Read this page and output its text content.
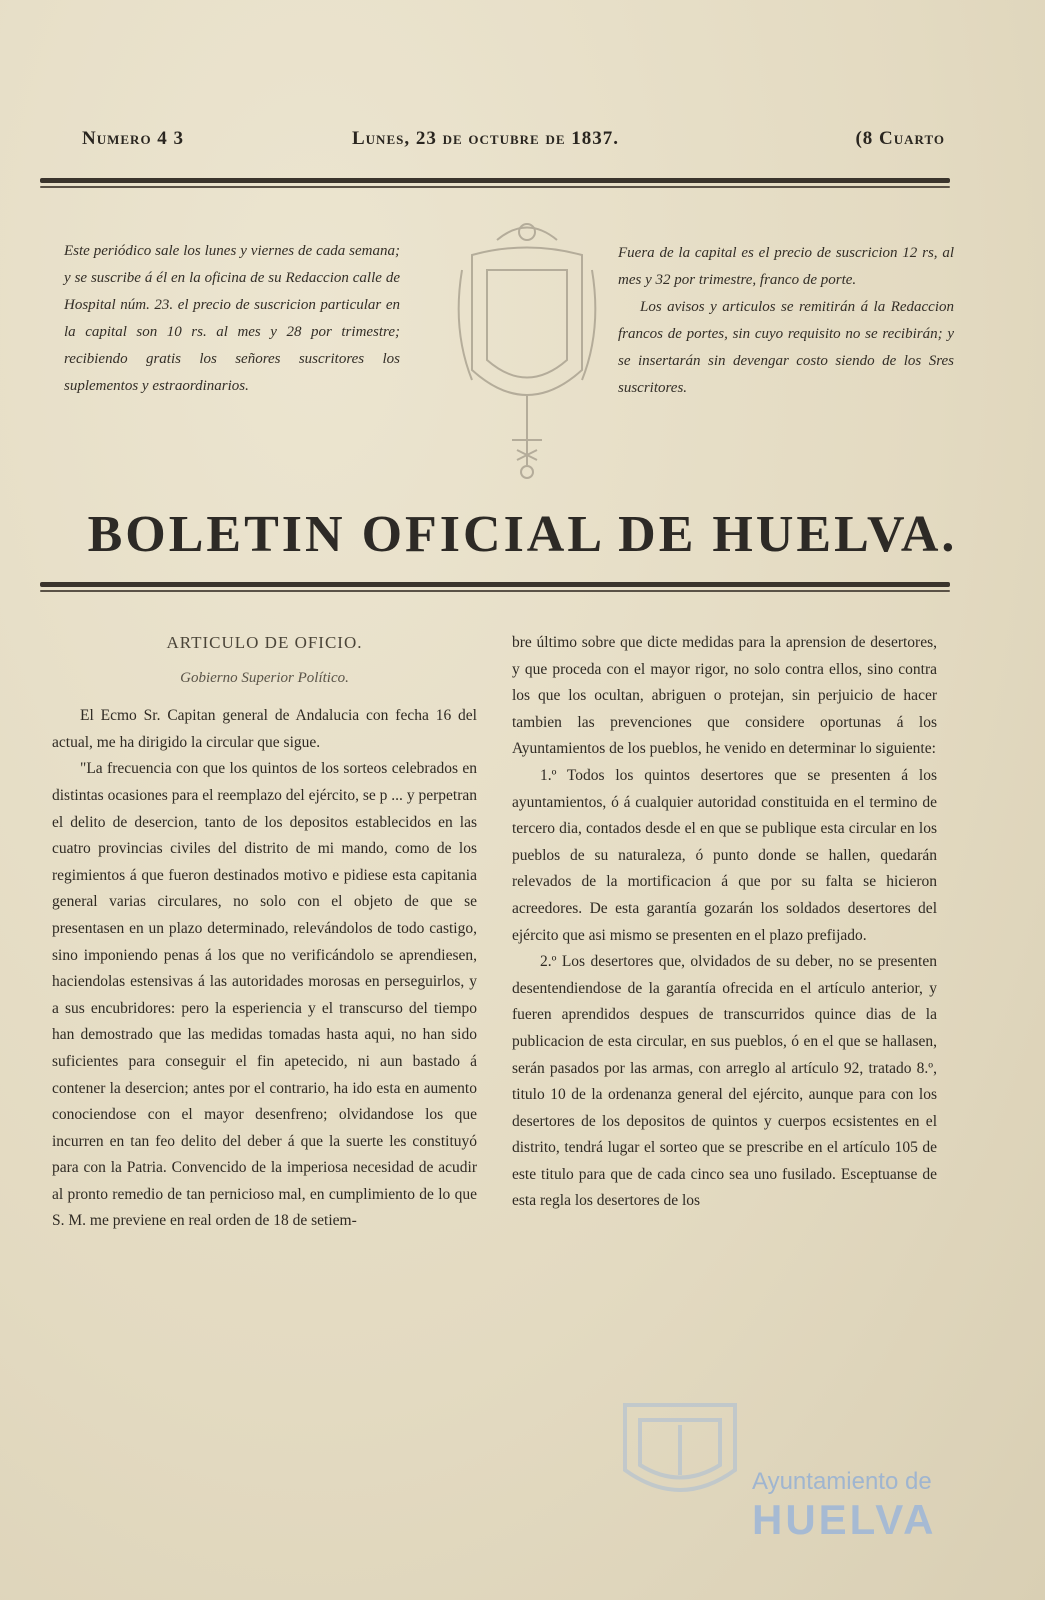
Numero 4 3	Lunes, 23 de octubre de 1837.	(8 Cuarto
Este periódico sale los lunes y viernes de cada semana; y se suscribe á él en la oficina de su Redaccion calle de Hospital núm. 23. el precio de suscricion particular en la capital son 10 rs. al mes y 28 por trimestre; recibiendo gratis los señores suscritores los suplementos y estraordinarios.

Fuera de la capital es el precio de suscricion 12 rs, al mes y 32 por trimestre, franco de porte.

Los avisos y articulos se remitirán á la Redaccion francos de portes, sin cuyo requisito no se recibirán; y se insertarán sin devengar costo siendo de los Sres suscritores.

BOLETIN OFICIAL DE HUELVA.

ARTICULO DE OFICIO.

Gobierno Superior Político.

El Ecmo Sr. Capitan general de Andalucia con fecha 16 del actual, me ha dirigido la circular que sigue.

"La frecuencia con que los quintos de los sorteos celebrados en distintas ocasiones para el reemplazo del ejército, se p ... y perpetran el delito de desercion, tanto de los depositos establecidos en las cuatro provincias civiles del distrito de mi mando, como de los regimientos á que fueron destinados motivo e pidiese esta capitania general varias circulares, no solo con el objeto de que se presentasen en un plazo determinado, relevándolos de todo castigo, sino imponiendo penas á los que no verificándolo se aprendiesen, haciendolas estensivas á las autoridades morosas en perseguirlos, y a sus encubridores: pero la esperiencia y el transcurso del tiempo han demostrado que las medidas tomadas hasta aqui, no han sido suficientes para conseguir el fin apetecido, ni aun bastado á contener la desercion; antes por el contrario, ha ido esta en aumento conociendose con el mayor desenfreno; olvidandose los que incurren en tan feo delito del deber á que la suerte les constituyó para con la Patria. Convencido de la imperiosa necesidad de acudir al pronto remedio de tan pernicioso mal, en cumplimiento de lo que S. M. me previene en real orden de 18 de setiem-

bre último sobre que dicte medidas para la aprension de desertores, y que proceda con el mayor rigor, no solo contra ellos, sino contra los que los ocultan, abriguen o protejan, sin perjuicio de hacer tambien las prevenciones que considere oportunas á los Ayuntamientos de los pueblos, he venido en determinar lo siguiente:

1.º Todos los quintos desertores que se presenten á los ayuntamientos, ó á cualquier autoridad constituida en el termino de tercero dia, contados desde el en que se publique esta circular en los pueblos de su naturaleza, ó punto donde se hallen, quedarán relevados de la mortificacion á que por su falta se hicieron acreedores. De esta garantía gozarán los soldados desertores del ejército que asi mismo se presenten en el plazo prefijado.

2.º Los desertores que, olvidados de su deber, no se presenten desentendiendose de la garantía ofrecida en el artículo anterior, y fueren aprendidos despues de transcurridos quince dias de la publicacion de esta circular, en sus pueblos, ó en el que se hallasen, serán pasados por las armas, con arreglo al artículo 92, tratado 8.º, titulo 10 de la ordenanza general del ejército, aunque para con los desertores de los depositos de quintos y cuerpos ecsistentes en el distrito, tendrá lugar el sorteo que se prescribe en el artículo 105 de este titulo para que de cada cinco sea uno fusilado. Esceptuanse de esta regla los desertores de los

Ayuntamiento de
HUELVA
